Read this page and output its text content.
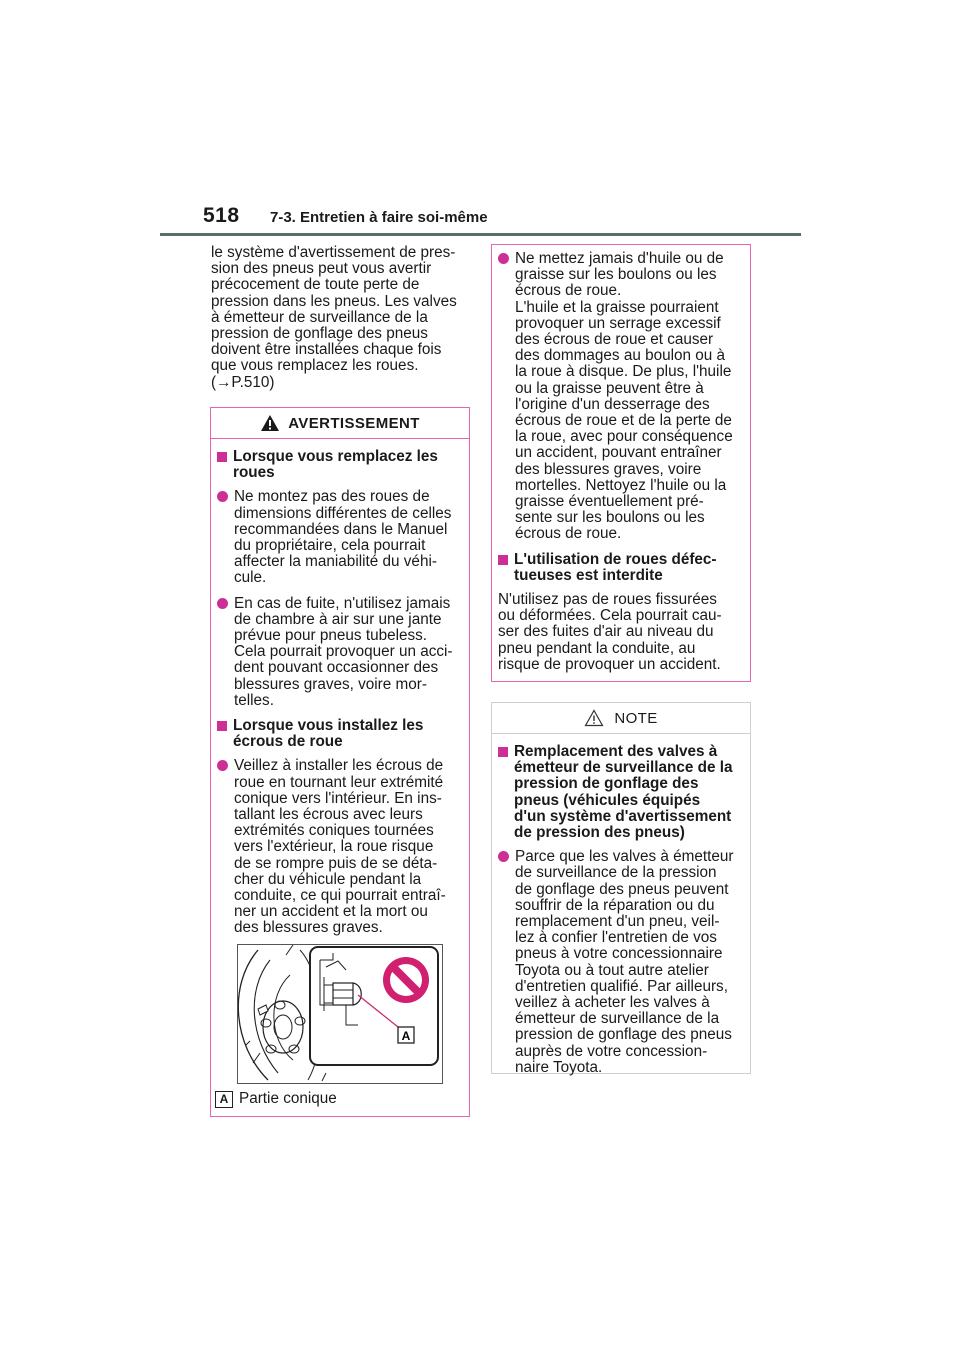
518 7-3. Entretien à faire soi-même
le système d'avertissement de pres-
sion des pneus peut vous avertir
précocement de toute perte de
pression dans les pneus. Les valves
à émetteur de surveillance de la
pression de gonflage des pneus
doivent être installées chaque fois
que vous remplacez les roues.
(→P.510)
AVERTISSEMENT
Lorsque vous remplacez les
roues
Ne montez pas des roues de
dimensions différentes de celles
recommandées dans le Manuel
du propriétaire, cela pourrait
affecter la maniabilité du véhi-
cule.
En cas de fuite, n'utilisez jamais
de chambre à air sur une jante
prévue pour pneus tubeless.
Cela pourrait provoquer un acci-
dent pouvant occasionner des
blessures graves, voire mor-
telles.
Lorsque vous installez les
écrous de roue
Veillez à installer les écrous de
roue en tournant leur extrémité
conique vers l'intérieur. En ins-
tallant les écrous avec leurs
extrémités coniques tournées
vers l'extérieur, la roue risque
de se rompre puis de se déta-
cher du véhicule pendant la
conduite, ce qui pourrait entraî-
ner un accident et la mort ou
des blessures graves.
A
A Partie conique
Ne mettez jamais d'huile ou de
graisse sur les boulons ou les
écrous de roue.
L'huile et la graisse pourraient
provoquer un serrage excessif
des écrous de roue et causer
des dommages au boulon ou à
la roue à disque. De plus, l'huile
ou la graisse peuvent être à
l'origine d'un desserrage des
écrous de roue et de la perte de
la roue, avec pour conséquence
un accident, pouvant entraîner
des blessures graves, voire
mortelles. Nettoyez l'huile ou la
graisse éventuellement pré-
sente sur les boulons ou les
écrous de roue.
L'utilisation de roues défec-
tueuses est interdite
N'utilisez pas de roues fissurées
ou déformées. Cela pourrait cau-
ser des fuites d'air au niveau du
pneu pendant la conduite, au
risque de provoquer un accident.
NOTE
Remplacement des valves à
émetteur de surveillance de la
pression de gonflage des
pneus (véhicules équipés
d'un système d'avertissement
de pression des pneus)
Parce que les valves à émetteur
de surveillance de la pression
de gonflage des pneus peuvent
souffrir de la réparation ou du
remplacement d'un pneu, veil-
lez à confier l'entretien de vos
pneus à votre concessionnaire
Toyota ou à tout autre atelier
d'entretien qualifié. Par ailleurs,
veillez à acheter les valves à
émetteur de surveillance de la
pression de gonflage des pneus
auprès de votre concession-
naire Toyota.
